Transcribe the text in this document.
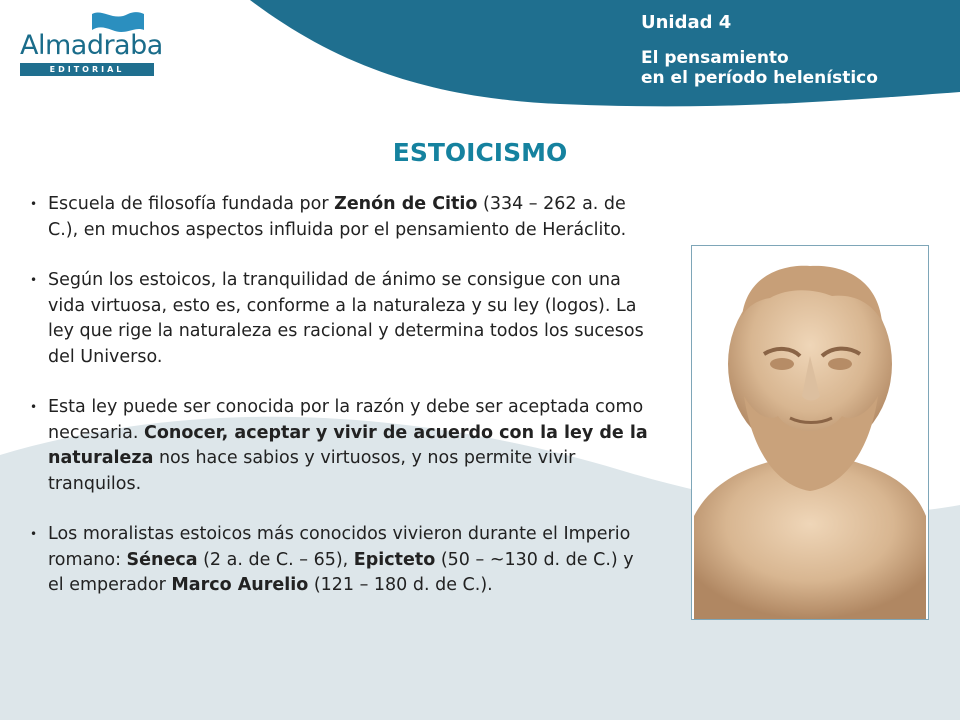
Almadraba
EDITORIAL
Unidad 4
El pensamiento
en el período helenístico
ESTOICISMO
• Escuela de filosofía fundada por Zenón de Citio (334 – 262 a. de C.), en muchos aspectos influida por el pensamiento de Heráclito.
• Según los estoicos, la tranquilidad de ánimo se consigue con una vida virtuosa, esto es, conforme a la naturaleza y su ley (logos). La ley que rige la naturaleza es racional y determina todos los sucesos del Universo.
• Esta ley puede ser conocida por la razón y debe ser aceptada como necesaria. Conocer, aceptar y vivir de acuerdo con la ley de la naturaleza nos hace sabios y virtuosos, y nos permite vivir tranquilos.
• Los moralistas estoicos más conocidos vivieron durante el Imperio romano: Séneca (2 a. de C. – 65), Epicteto (50 – ~130 d. de C.) y el emperador Marco Aurelio (121 – 180 d. de C.).
